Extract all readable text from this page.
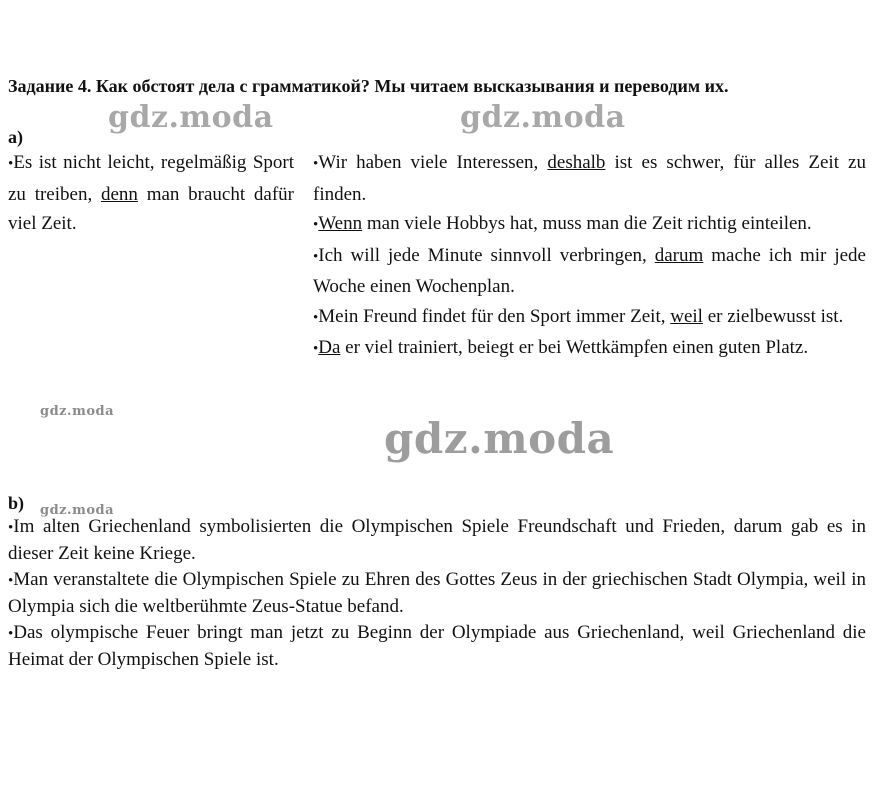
Задание 4. Как обстоят дела с грамматикой? Мы читаем высказывания и переводим их.
a)

•Es ist nicht leicht, regelmäßig Sport zu treiben, denn man braucht dafür viel Zeit.

•Wir haben viele Interessen, deshalb ist es schwer, für alles Zeit zu finden.

•Wenn man viele Hobbys hat, muss man die Zeit richtig einteilen.

•Ich will jede Minute sinnvoll verbringen, darum mache ich mir jede Woche einen Wochenplan.

•Mein Freund findet für den Sport immer Zeit, weil er zielbewusst ist.

•Da er viel trainiert, beiegt er bei Wettkämpfen einen guten Platz.

b)

•Im alten Griechenland symbolisierten die Olympischen Spiele Freundschaft und Frieden, darum gab es in dieser Zeit keine Kriege.

•Man veranstaltete die Olympischen Spiele zu Ehren des Gottes Zeus in der griechischen Stadt Olympia, weil in Olympia sich die weltberühmte Zeus-Statue befand.

•Das olympische Feuer bringt man jetzt zu Beginn der Olympiade aus Griechenland, weil Griechenland die Heimat der Olympischen Spiele ist.

gdz.moda	gdz.moda
gdz.moda
gdz.moda
gdz.moda
